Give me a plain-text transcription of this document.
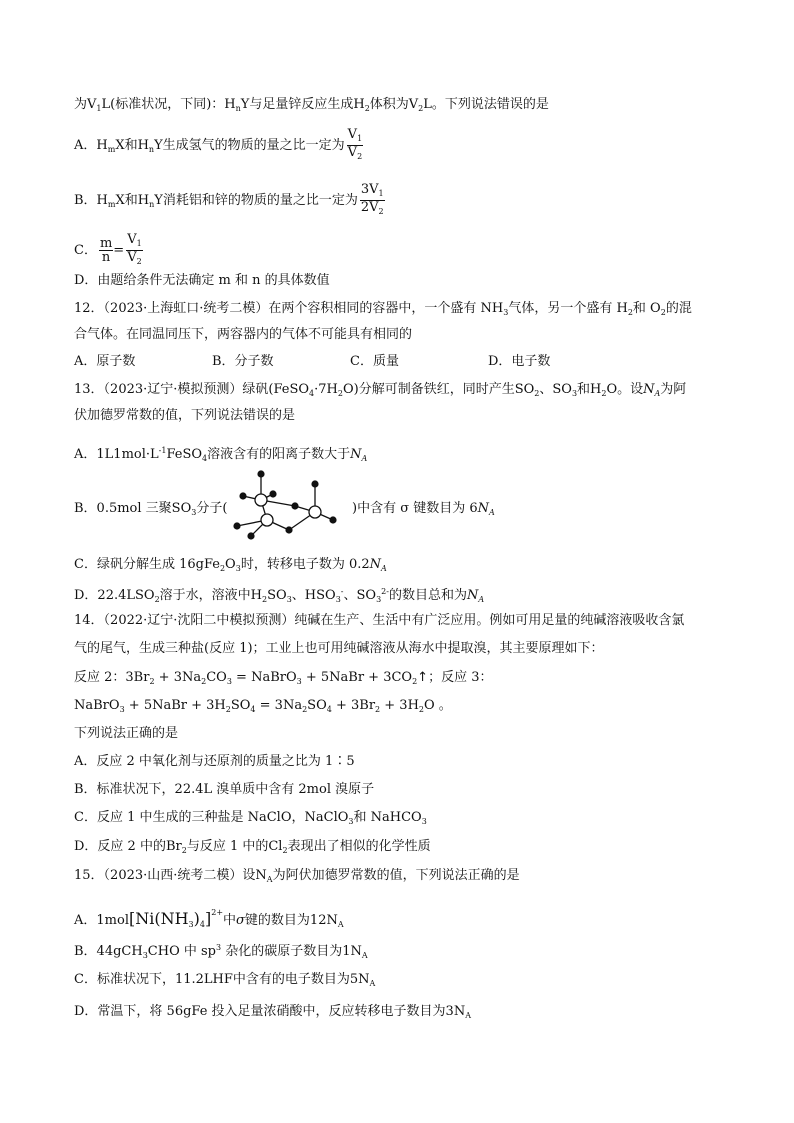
为$V_1L$(标准状况，下同)：$H_nY$与足量锌反应生成$H_2$体积为$V_2L$。下列说法错误的是
A．$H_mX$和$H_nY$生成氢气的物质的量之比一定为 $\frac{V_1}{V_2}$
B．$H_mX$和$H_nY$消耗铝和锌的物质的量之比一定为 $\frac{3V_1}{2V_2}$
C． $\frac{m}{n} = \frac{V_1}{V_2}$
D．由题给条件无法确定 m 和 n 的具体数值
12．（2023·上海虹口·统考二模）在两个容积相同的容器中，一个盛有 $NH_3$气体，另一个盛有 $H_2$和 $O_2$的混
合气体。在同温同压下，两容器内的气体不可能具有相同的
A．原子数	B．分子数	C．质量	D．电子数
13．（2023·辽宁·模拟预测）绿矾$(FeSO_4\cdot 7H_2O)$分解可制备铁红，同时产生$SO_2$、$SO_3$和$H_2O$。设$N_A$为阿
伏加德罗常数的值，下列说法错误的是
A．$1L1mol\cdot L^{-1}FeSO_4$溶液含有的阳离子数大于$N_A$
B．0.5mol 三聚$SO_3$分子(	)中含有 σ 键数目为 $6N_A$
C．绿矾分解生成 $16gFe_2O_3$时，转移电子数为 $0.2N_A$
D．$22.4LSO_2$溶于水，溶液中$H_2SO_3$、$HSO_3^-$、$SO_3^{2-}$的数目总和为$N_A$
14．（2022·辽宁·沈阳二中模拟预测）纯碱在生产、生活中有广泛应用。例如可用足量的纯碱溶液吸收含氯
气的尾气，生成三种盐(反应 1)；工业上也可用纯碱溶液从海水中提取溴，其主要原理如下：
反应 2：$3Br_2 + 3Na_2CO_3$ = NaBrO$_3$ + 5NaBr + $3CO_2↑$；反应 3：
NaBrO$_3$ + 5NaBr + $3H_2SO_4 = 3Na_2SO_4 + 3Br_2 + 3H_2O$ 。
下列说法正确的是
A．反应 2 中氧化剂与还原剂的质量之比为 1∶5
B．标准状况下，22.4L 溴单质中含有 2mol 溴原子
C．反应 1 中生成的三种盐是 NaClO，NaClO$_3$和 NaHCO$_3$
D．反应 2 中的$Br_2$与反应 1 中的$Cl_2$表现出了相似的化学性质
15．（2023·山西·统考二模）设$N_A$为阿伏加德罗常数的值，下列说法正确的是
A．$1mol[Ni(NH_3)_4]^{2+}$中σ键的数目为$12N_A$
B．44gCH$_3$CHO 中 $sp^3$ 杂化的碳原子数目为$1N_A$
C．标准状况下，11.2LHF中含有的电子数目为$5N_A$
D．常温下，将 56gFe 投入足量浓硝酸中，反应转移电子数目为$3N_A$
